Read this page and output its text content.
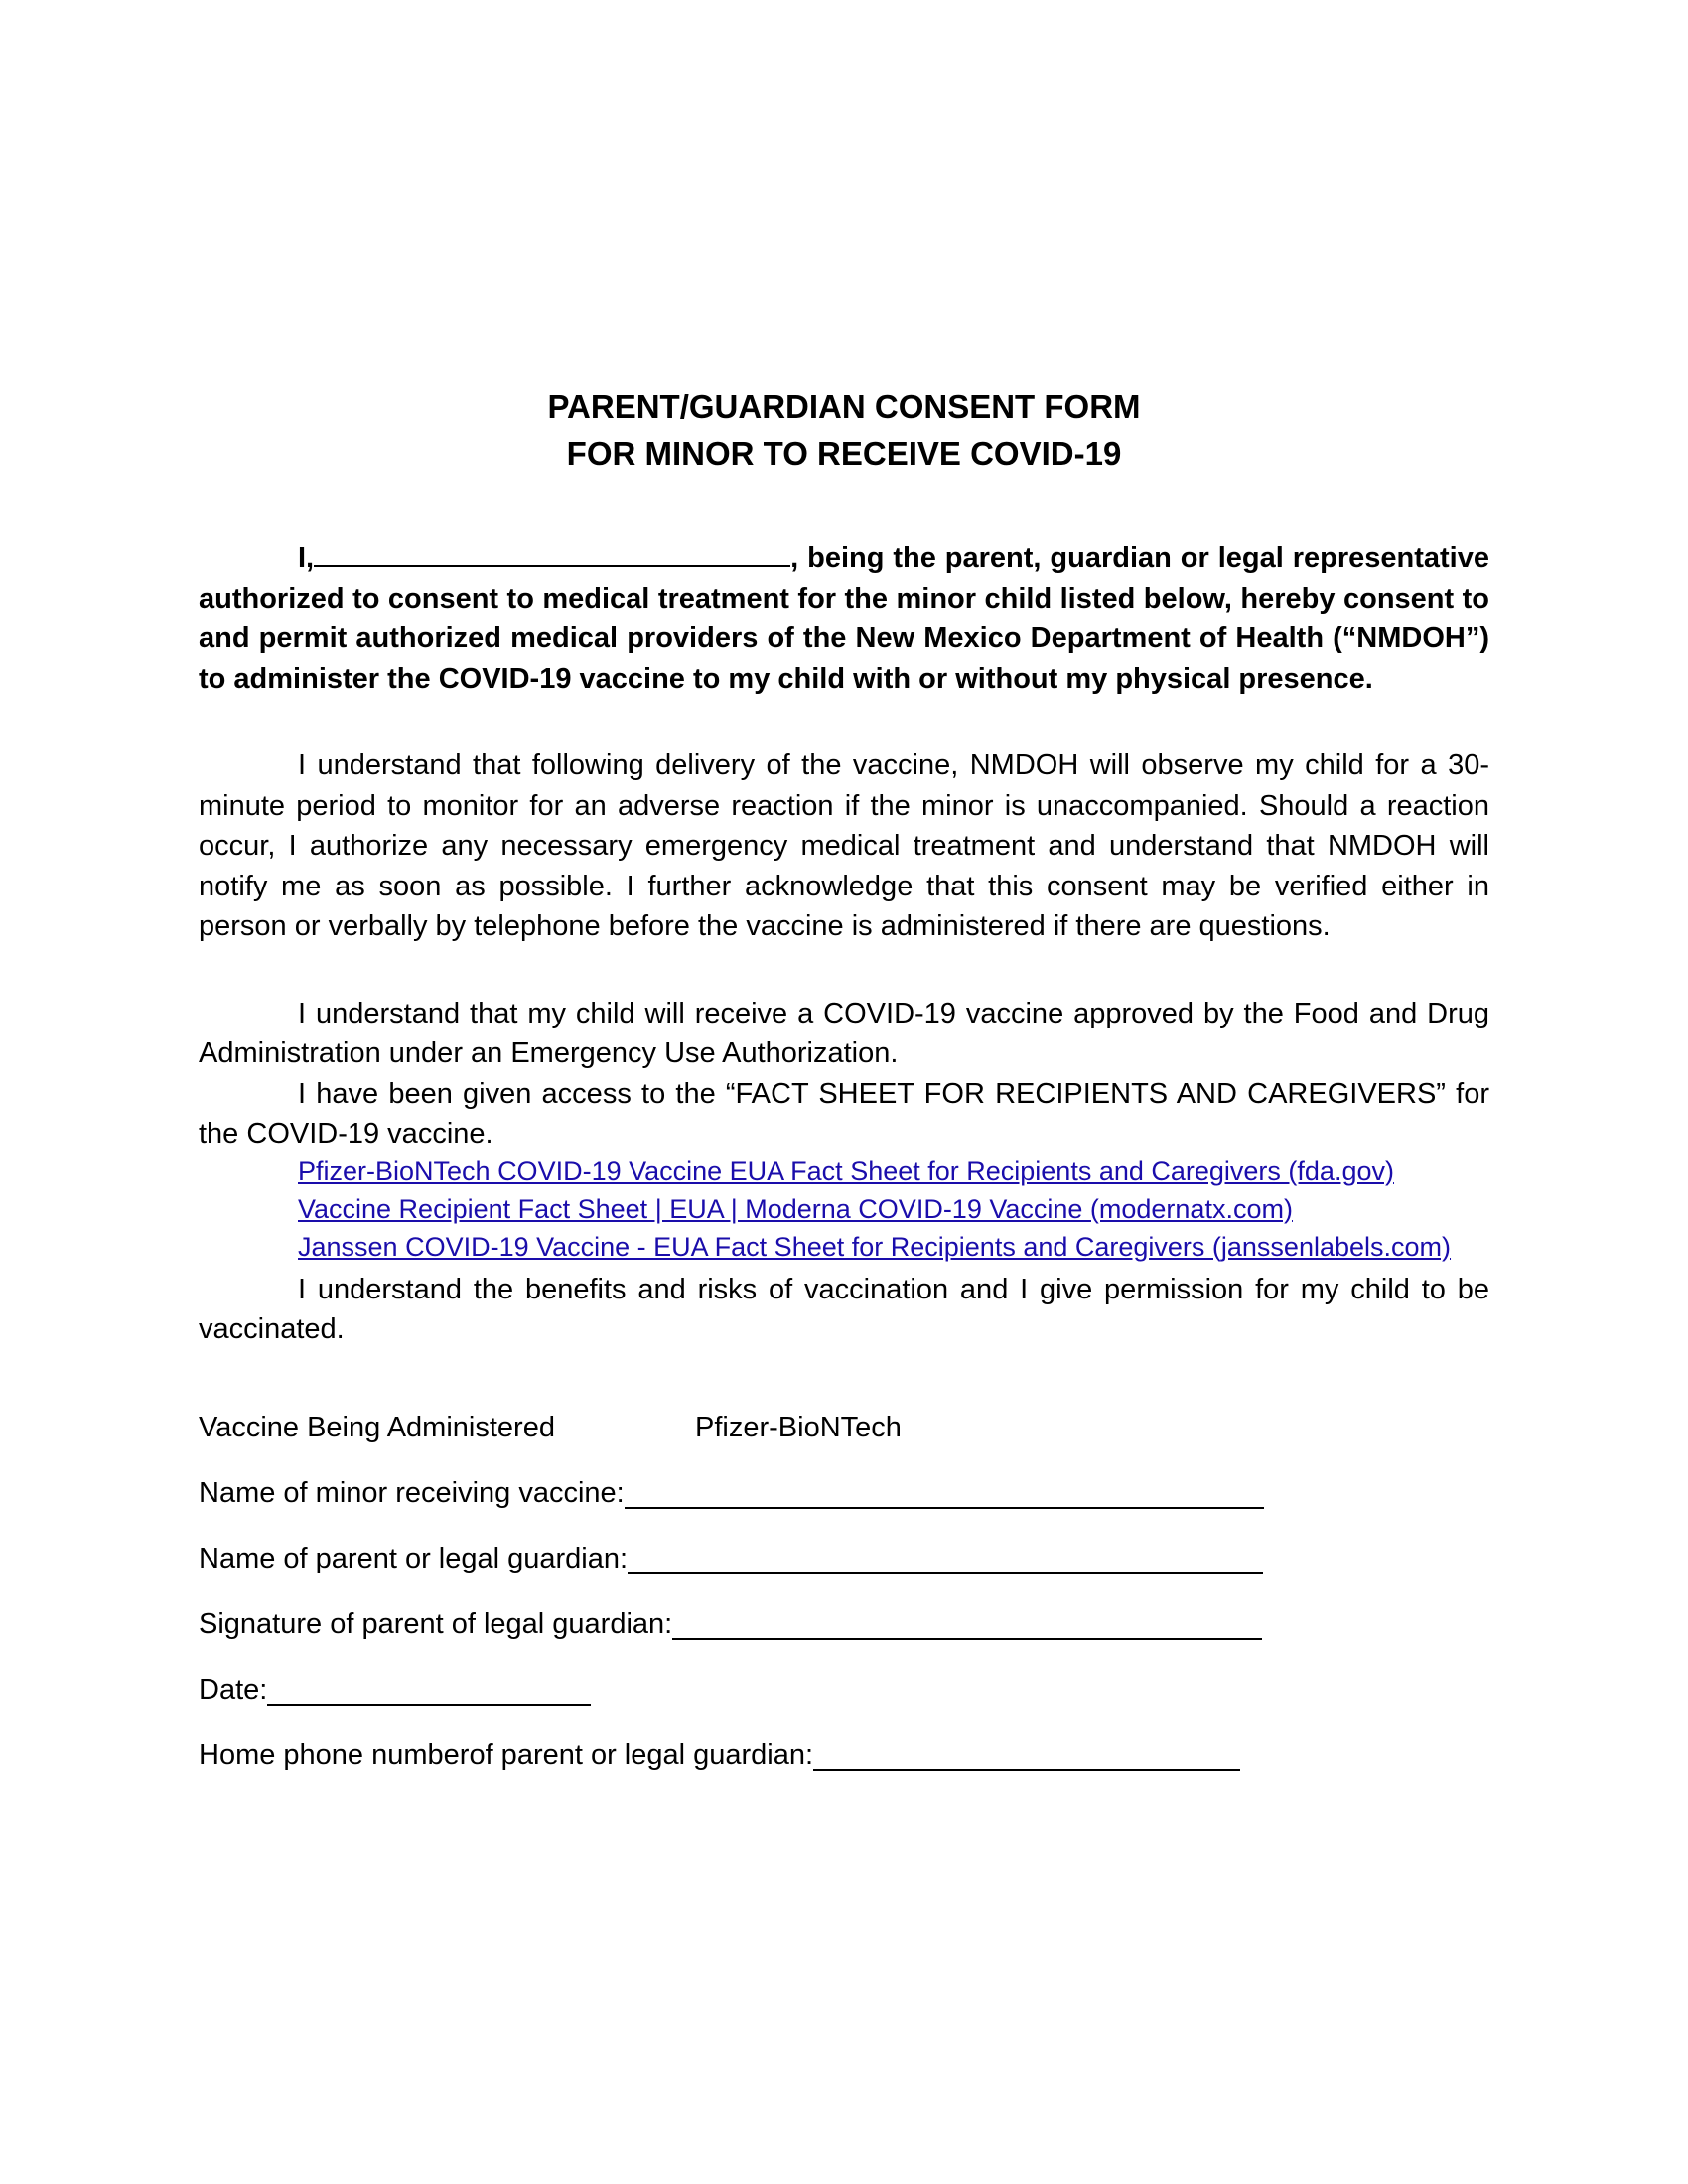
PARENT/GUARDIAN CONSENT FORM
FOR MINOR TO RECEIVE COVID-19

I,	, being the parent, guardian or legal representative authorized to consent to medical treatment for the minor child listed below, hereby consent to and permit authorized medical providers of the New Mexico Department of Health (“NMDOH”) to administer the COVID-19 vaccine to my child with or without my physical presence.

I understand that following delivery of the vaccine, NMDOH will observe my child for a 30-minute period to monitor for an adverse reaction if the minor is unaccompanied. Should a reaction occur, I authorize any necessary emergency medical treatment and understand that NMDOH will notify me as soon as possible. I further acknowledge that this consent may be verified either in person or verbally by telephone before the vaccine is administered if there are questions.

I understand that my child will receive a COVID-19 vaccine approved by the Food and Drug Administration under an Emergency Use Authorization.

I have been given access to the “FACT SHEET FOR RECIPIENTS AND CAREGIVERS” for the COVID-19 vaccine.

Pfizer-BioNTech COVID-19 Vaccine EUA Fact Sheet for Recipients and Caregivers (fda.gov)
Vaccine Recipient Fact Sheet | EUA | Moderna COVID-19 Vaccine (modernatx.com)
Janssen COVID-19 Vaccine - EUA Fact Sheet for Recipients and Caregivers (janssenlabels.com)

I understand the benefits and risks of vaccination and I give permission for my child to be vaccinated.

Vaccine Being Administered	Pfizer-BioNTech
Name of minor receiving vaccine:
Name of parent or legal guardian:
Signature of parent of legal guardian:
Date:
Home phone numberof parent or legal guardian:
